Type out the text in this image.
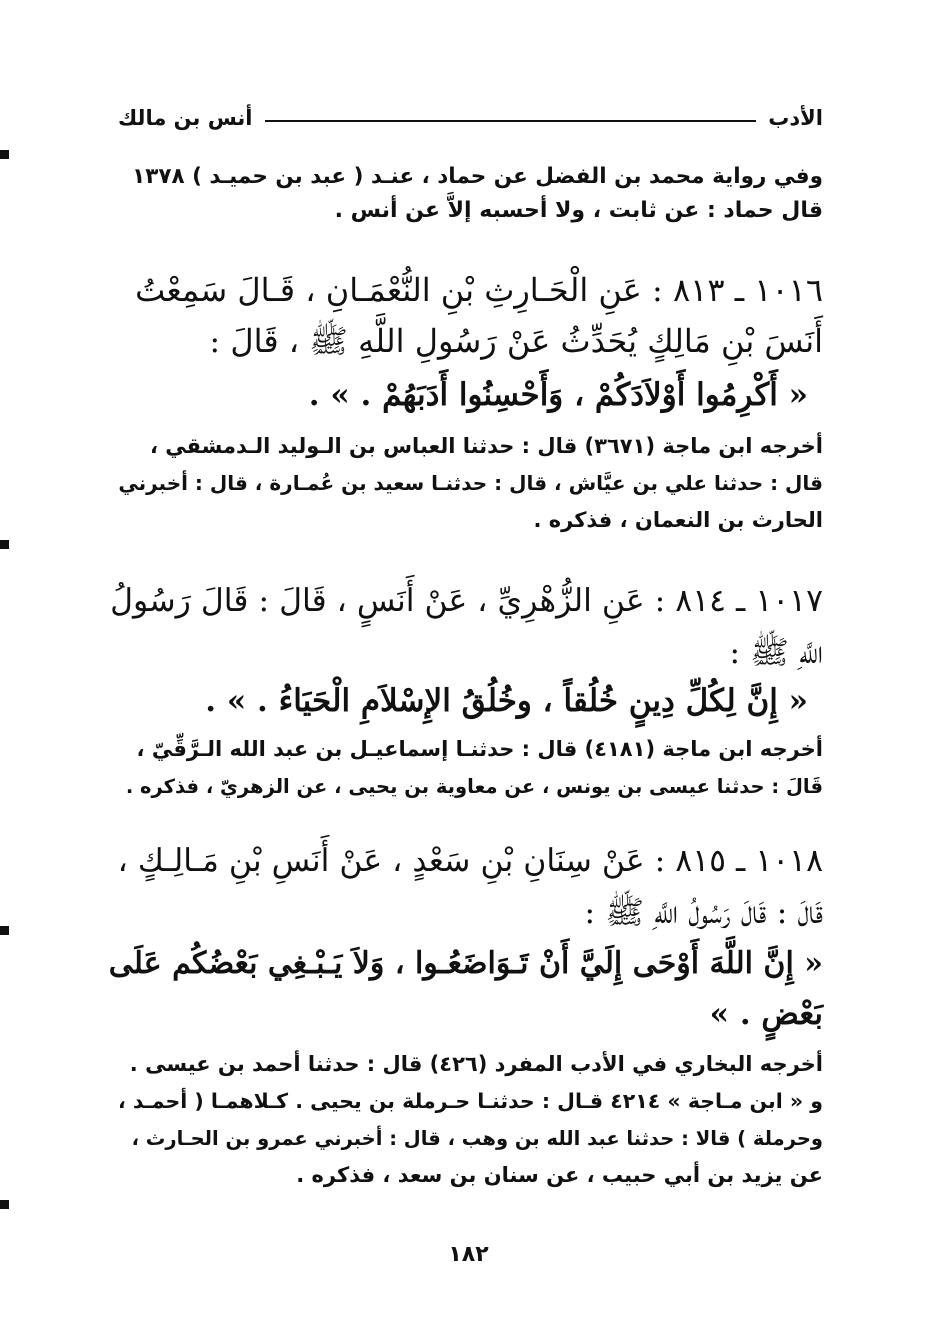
الأدب
أنس بن مالك
وفي رواية محمد بن الفضل عن حماد ، عنـد ( عبد بن حميـد ) ١٣٧٨
قال حماد : عن ثابت ، ولا أحسبه إلاَّ عن أنس .
١٠١٦ ـ ٨١٣ : عَنِ الْحَـارِثِ بْنِ النُّعْمَـانِ ، قَـالَ سَمِعْتُ
أَنَسَ بْنِ مَالِكٍ يُحَدِّثُ عَنْ رَسُولِ اللَّهِ ﷺ ، قَالَ :
« أَكْرِمُوا أَوْلاَدَكُمْ ، وَأَحْسِنُوا أَدَبَهُمْ . » .
أخرجه ابن ماجة (٣٦٧١) قال : حدثنا العباس بن الـوليد الـدمشقي ،
قال : حدثنا علي بن عيَّاش ، قال : حدثنـا سعيد بن عُمـارة ، قال : أخبرني
الحارث بن النعمان ، فذكره .
١٠١٧ ـ ٨١٤ : عَنِ الزُّهْرِيِّ ، عَنْ أَنَسٍ ، قَالَ : قَالَ رَسُولُ
اللَّهِ ﷺ :
« إِنَّ لِكُلِّ دِينٍ خُلُقاً ، وخُلُقُ الإِسْلاَمِ الْحَيَاءُ . » .
أخرجه ابن ماجة (٤١٨١) قال : حدثنـا إسماعيـل بن عبد الله الـرَّقِّيّ ،
قَالَ : حدثنا عيسى بن يونس ، عن معاوية بن يحيى ، عن الزهريّ ، فذكره .
١٠١٨ ـ ٨١٥ : عَنْ سِنَانِ بْنِ سَعْدٍ ، عَنْ أَنَسِ بْنِ مَـالِـكٍ ،
قَالَ : قَالَ رَسُولُ اللَّهِ ﷺ :
« إِنَّ اللَّهَ أَوْحَى إِلَيَّ أَنْ تَـوَاضَعُـوا ، وَلاَ يَـبْـغِي بَعْضُكُم عَلَى
بَعْضٍ . »
أخرجه البخاري في الأدب المفرد (٤٢٦) قال : حدثنا أحمد بن عيسى .
و « ابن مـاجة » ٤٢١٤ قـال : حدثنـا حـرملة بن يحيى . كـلاهمـا ( أحمـد ،
وحرملة ) قالا : حدثنا عبد الله بن وهب ، قال : أخبرني عمرو بن الحـارث ،
عن يزيد بن أبي حبيب ، عن سنان بن سعد ، فذكره .
١٨٢
